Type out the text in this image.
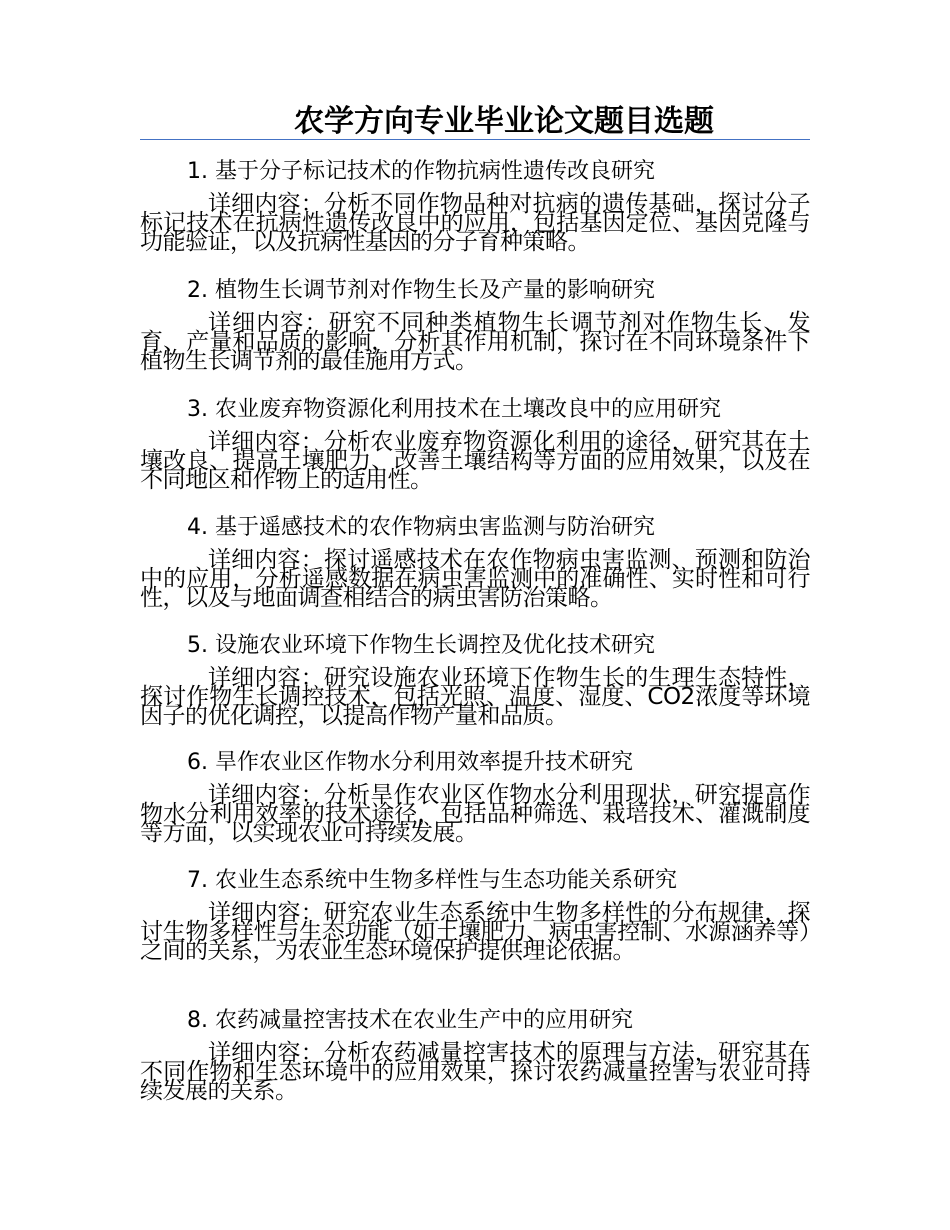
农学方向专业毕业论文题目选题
1. 基于分子标记技术的作物抗病性遗传改良研究
详细内容：分析不同作物品种对抗病的遗传基础，探讨分子标记技术在抗病性遗传改良中的应用，包括基因定位、基因克隆与功能验证，以及抗病性基因的分子育种策略。
2. 植物生长调节剂对作物生长及产量的影响研究
详细内容：研究不同种类植物生长调节剂对作物生长、发育、产量和品质的影响，分析其作用机制，探讨在不同环境条件下植物生长调节剂的最佳施用方式。
3. 农业废弃物资源化利用技术在土壤改良中的应用研究
详细内容：分析农业废弃物资源化利用的途径，研究其在土壤改良、提高土壤肥力、改善土壤结构等方面的应用效果，以及在不同地区和作物上的适用性。
4. 基于遥感技术的农作物病虫害监测与防治研究
详细内容：探讨遥感技术在农作物病虫害监测、预测和防治中的应用，分析遥感数据在病虫害监测中的准确性、实时性和可行性，以及与地面调查相结合的病虫害防治策略。
5. 设施农业环境下作物生长调控及优化技术研究
详细内容：研究设施农业环境下作物生长的生理生态特性，探讨作物生长调控技术，包括光照、温度、湿度、CO2浓度等环境因子的优化调控，以提高作物产量和品质。
6. 旱作农业区作物水分利用效率提升技术研究
详细内容：分析旱作农业区作物水分利用现状，研究提高作物水分利用效率的技术途径，包括品种筛选、栽培技术、灌溉制度等方面，以实现农业可持续发展。
7. 农业生态系统中生物多样性与生态功能关系研究
详细内容：研究农业生态系统中生物多样性的分布规律，探讨生物多样性与生态功能（如土壤肥力、病虫害控制、水源涵养等）之间的关系，为农业生态环境保护提供理论依据。
8. 农药减量控害技术在农业生产中的应用研究
详细内容：分析农药减量控害技术的原理与方法，研究其在不同作物和生态环境中的应用效果，探讨农药减量控害与农业可持续发展的关系。
